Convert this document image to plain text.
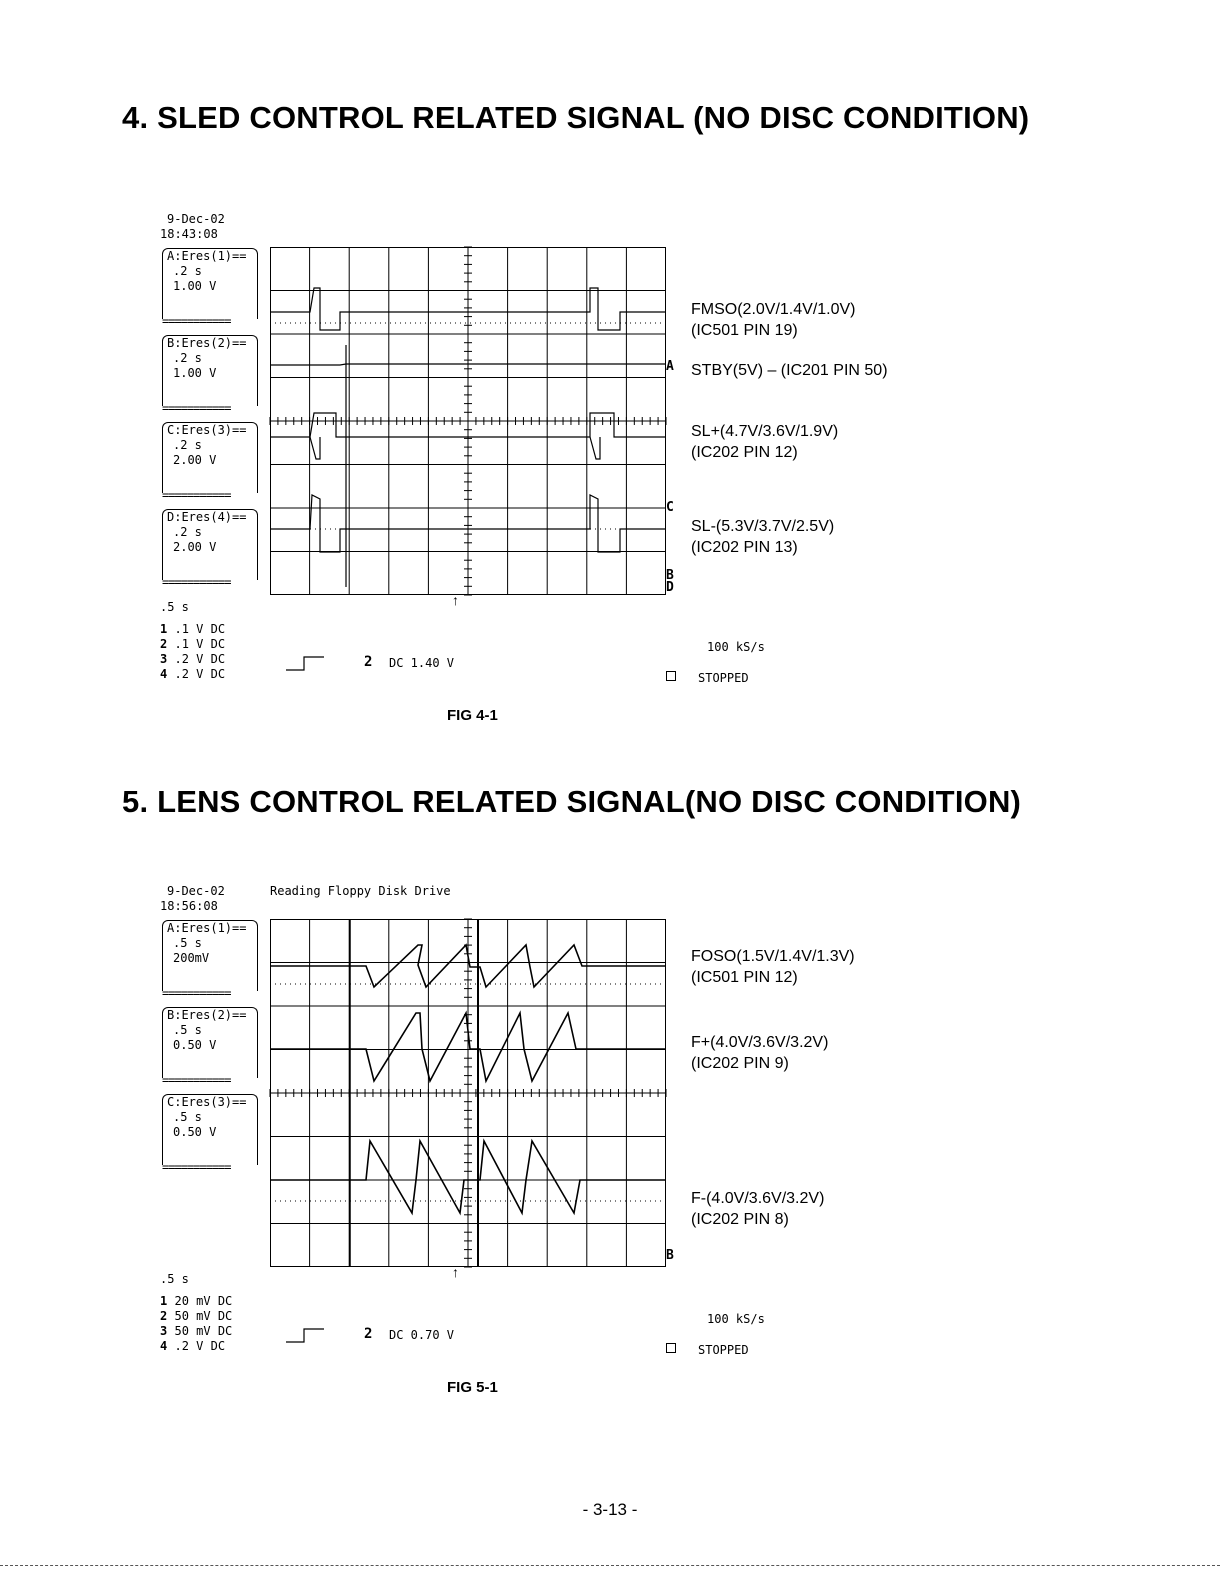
4. SLED CONTROL RELATED SIGNAL (NO DISC CONDITION)
9-Dec-02
18:43:08
A:Eres(1)==
.2 s
1.00 V
===========
B:Eres(2)==
.2 s
1.00 V
===========
C:Eres(3)==
.2 s
2.00 V
===========
D:Eres(4)==
.2 s
2.00 V
===========
↑
A
C
B
D
.5 s
1 .1 V DC
2 .1 V DC
3 .2 V DC
4 .2 V DC
2 DC 1.40 V
100 kS/s
STOPPED
FMSO(2.0V/1.4V/1.0V)
(IC501 PIN 19)
STBY(5V) – (IC201 PIN 50)
SL+(4.7V/3.6V/1.9V)
(IC202 PIN 12)
SL-(5.3V/3.7V/2.5V)
(IC202 PIN 13)
FIG 4-1
5. LENS CONTROL RELATED SIGNAL(NO DISC CONDITION)
9-Dec-02
18:56:08
Reading Floppy Disk Drive
A:Eres(1)==
.5 s
200mV
===========
B:Eres(2)==
.5 s
0.50 V
===========
C:Eres(3)==
.5 s
0.50 V
===========
↑
B
.5 s
1 20 mV DC
2 50 mV DC
3 50 mV DC
4 .2 V DC
2 DC 0.70 V
100 kS/s
STOPPED
FOSO(1.5V/1.4V/1.3V)
(IC501 PIN 12)
F+(4.0V/3.6V/3.2V)
(IC202 PIN 9)
F-(4.0V/3.6V/3.2V)
(IC202 PIN 8)
FIG 5-1
- 3-13 -
